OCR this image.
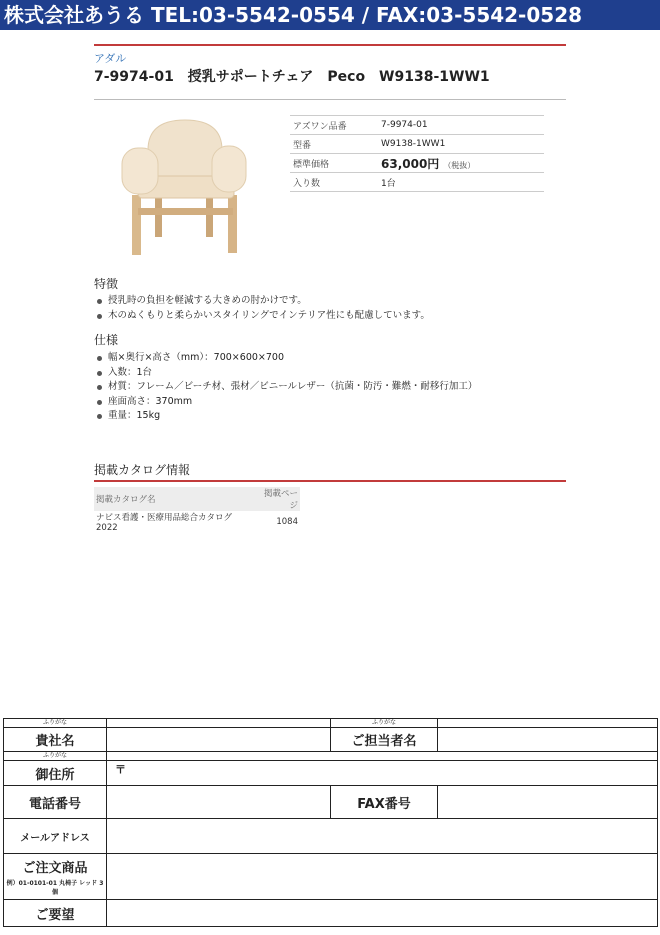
株式会社あうる TEL:03-5542-0554 / FAX:03-5542-0528
アダル
7-9974-01　授乳サポートチェア　Peco　W9138-1WW1
アズワン品番	7-9974-01
型番	W9138-1WW1
標準価格	63,000円 （税抜）
入り数	1台
特徴
授乳時の負担を軽減する大きめの肘かけです。
木のぬくもりと柔らかいスタイリングでインテリア性にも配慮しています。
仕様
幅×奥行×高さ（mm）：700×600×700
入数：1台
材質：フレーム／ビーチ材、張材／ビニールレザー（抗菌・防汚・難燃・耐移行加工）
座面高さ：370mm
重量：15kg
掲載カタログ情報
掲載カタログ名	掲載ページ
ナビス看護・医療用品総合カタログ2022	1084
ふりがな		ふりがな	
貴社名		ご担当者名	
ふりがな			
御住所	〒		
電話番号		FAX番号	
メールアドレス			
ご注文商品
例）01-0101-01 丸椅子 レッド 3個			

ご要望			
